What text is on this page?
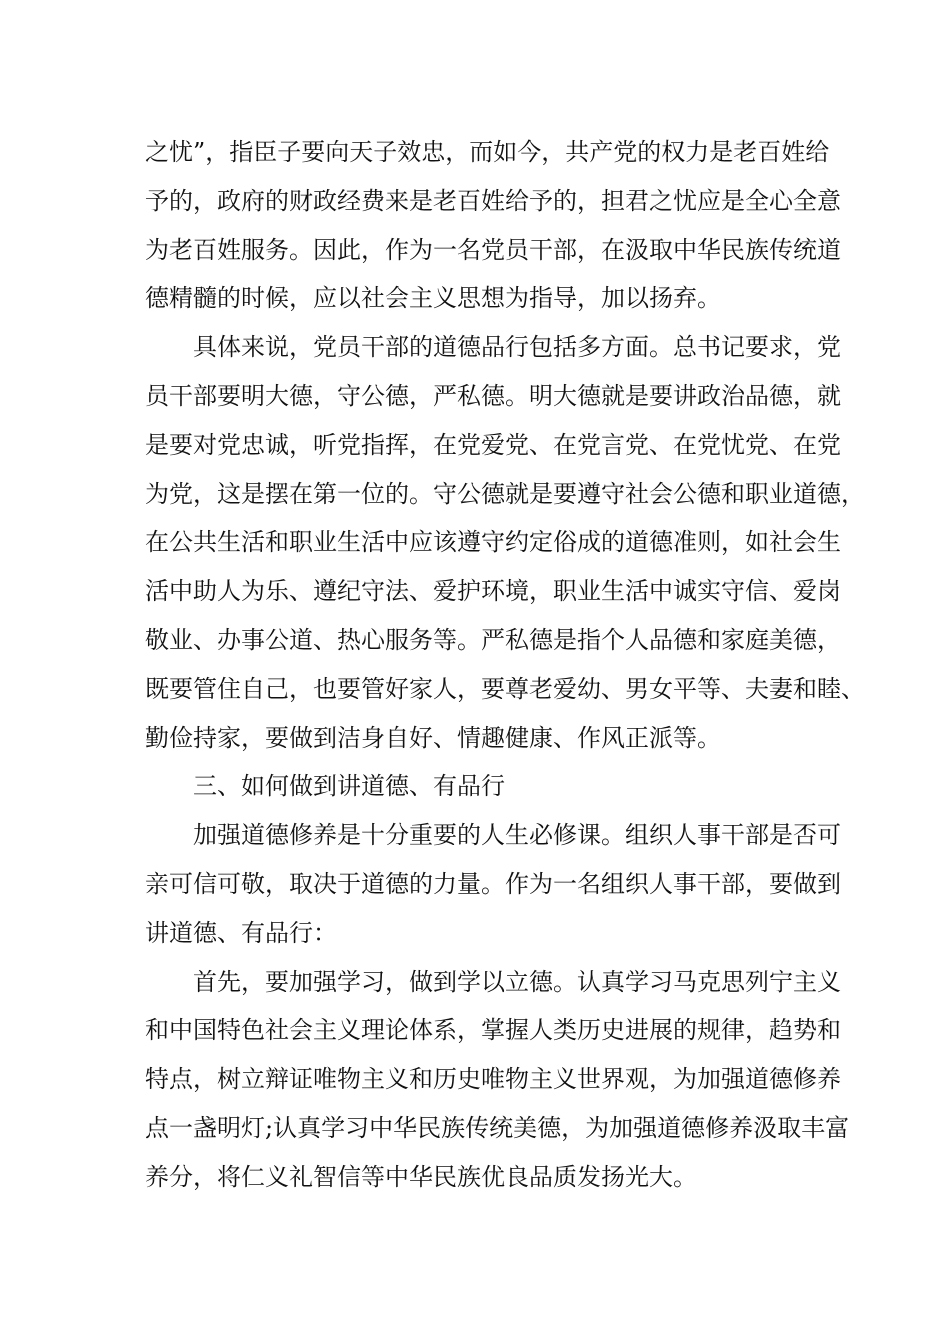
之忧”，指臣子要向天子效忠，而如今，共产党的权力是老百姓给
予的，政府的财政经费来是老百姓给予的，担君之忧应是全心全意
为老百姓服务。因此，作为一名党员干部，在汲取中华民族传统道
德精髓的时候，应以社会主义思想为指导，加以扬弃。
具体来说，党员干部的道德品行包括多方面。总书记要求，党
员干部要明大德，守公德，严私德。明大德就是要讲政治品德，就
是要对党忠诚，听党指挥，在党爱党、在党言党、在党忧党、在党
为党，这是摆在第一位的。守公德就是要遵守社会公德和职业道德，
在公共生活和职业生活中应该遵守约定俗成的道德准则，如社会生
活中助人为乐、遵纪守法、爱护环境，职业生活中诚实守信、爱岗
敬业、办事公道、热心服务等。严私德是指个人品德和家庭美德，
既要管住自己，也要管好家人，要尊老爱幼、男女平等、夫妻和睦、
勤俭持家，要做到洁身自好、情趣健康、作风正派等。
三、如何做到讲道德、有品行
加强道德修养是十分重要的人生必修课。组织人事干部是否可
亲可信可敬，取决于道德的力量。作为一名组织人事干部，要做到
讲道德、有品行：
首先，要加强学习，做到学以立德。认真学习马克思列宁主义
和中国特色社会主义理论体系，掌握人类历史进展的规律，趋势和
特点，树立辩证唯物主义和历史唯物主义世界观，为加强道德修养
点一盏明灯;认真学习中华民族传统美德，为加强道德修养汲取丰富
养分，将仁义礼智信等中华民族优良品质发扬光大。
